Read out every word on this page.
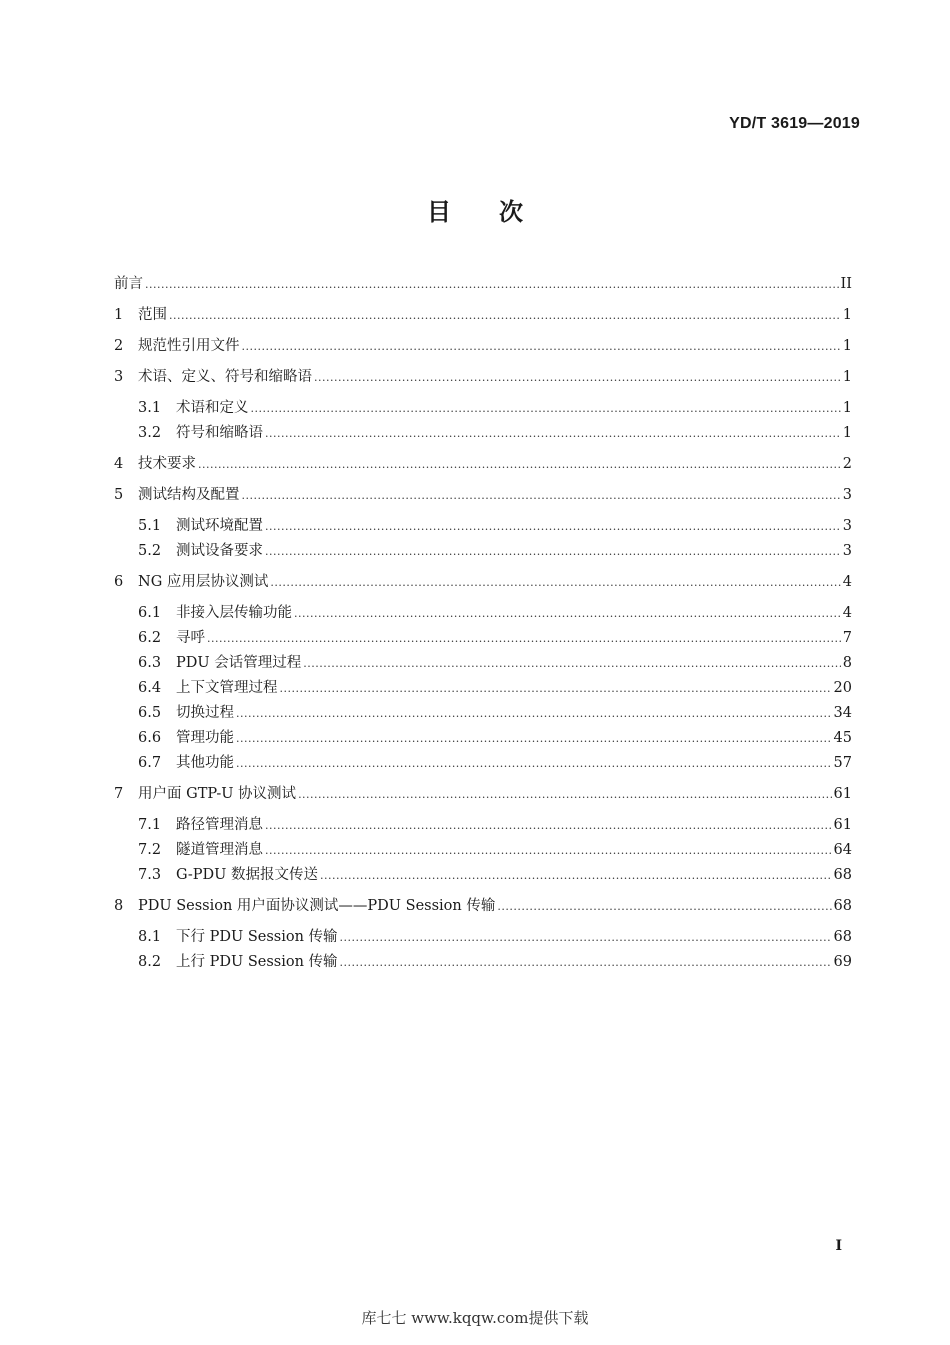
YD/T 3619—2019
目 次
前言 .....	II
1	范围 .....	1
2	规范性引用文件 .....	1
3	术语、定义、符号和缩略语 .....	1
3.1	术语和定义 .....	1
3.2	符号和缩略语 .....	1
4	技术要求 .....	2
5	测试结构及配置 .....	3
5.1	测试环境配置 .....	3
5.2	测试设备要求 .....	3
6	NG 应用层协议测试 .....	4
6.1	非接入层传输功能 .....	4
6.2	寻呼 .....	7
6.3	PDU 会话管理过程 .....	8
6.4	上下文管理过程 .....	20
6.5	切换过程 .....	34
6.6	管理功能 .....	45
6.7	其他功能 .....	57
7	用户面 GTP-U 协议测试 .....	61
7.1	路径管理消息 .....	61
7.2	隧道管理消息 .....	64
7.3	G-PDU 数据报文传送 .....	68
8	PDU Session 用户面协议测试——PDU Session 传输 .....	68
8.1	下行 PDU Session 传输 .....	68
8.2	上行 PDU Session 传输 .....	69
I
库七七 www.kqqw.com提供下载
